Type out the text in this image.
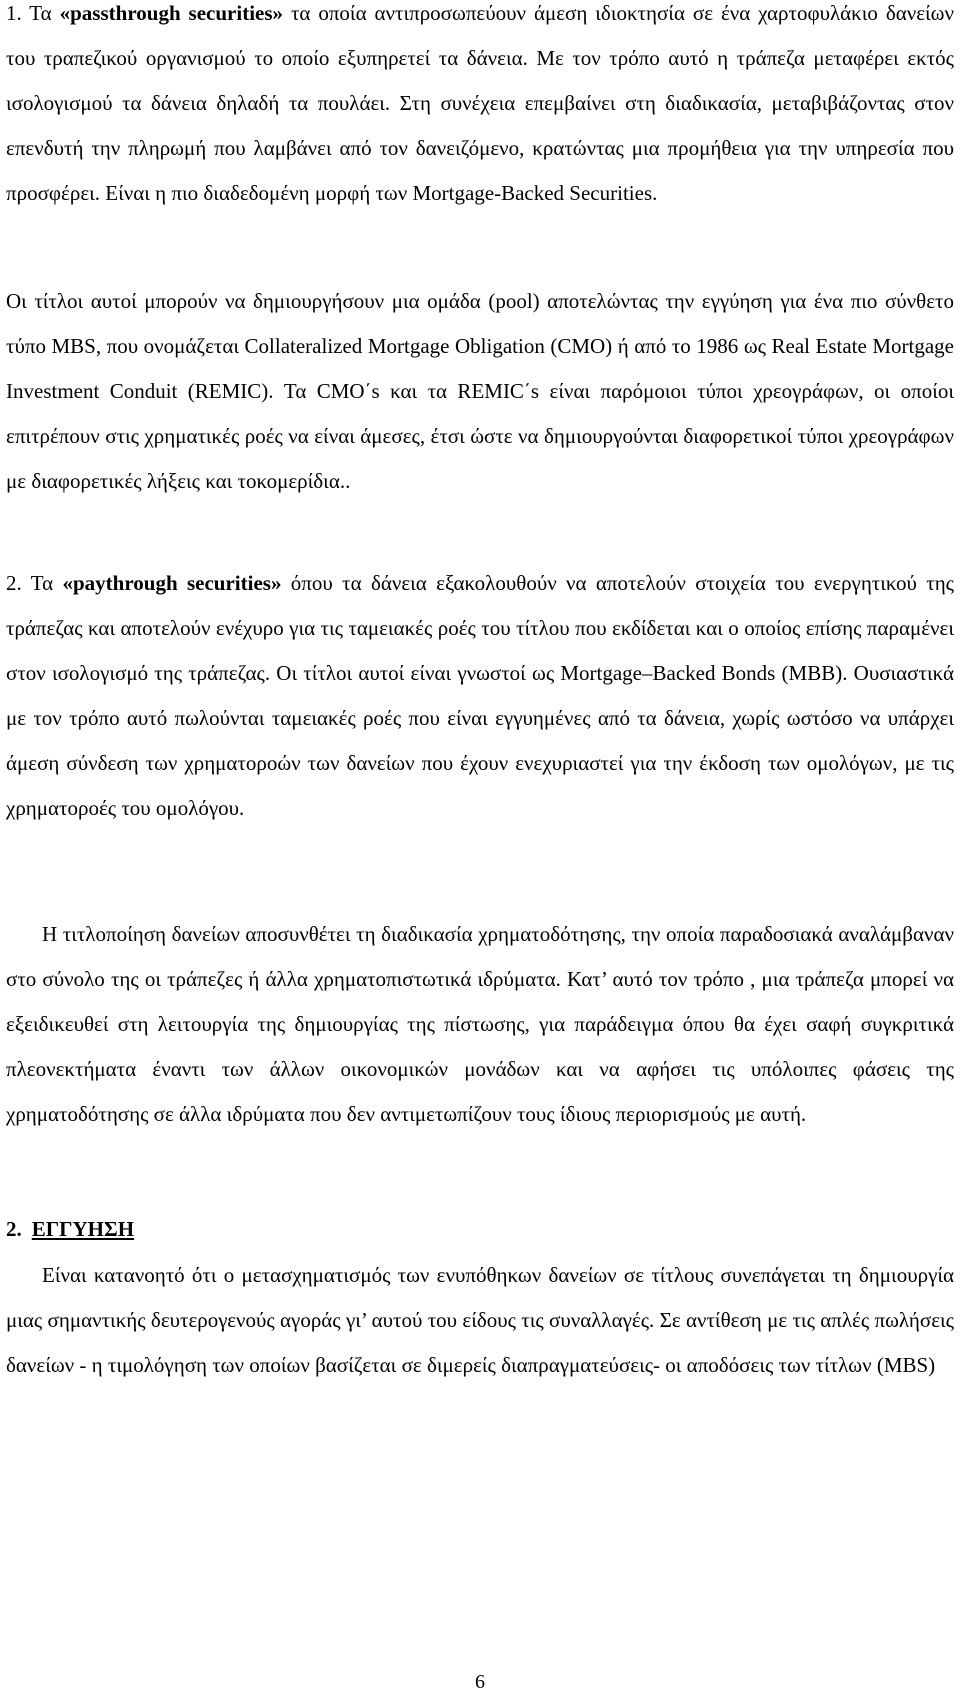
1. Τα «passthrough securities» τα οποία αντιπροσωπεύουν άμεση ιδιοκτησία σε ένα χαρτοφυλάκιο δανείων του τραπεζικού οργανισμού το οποίο εξυπηρετεί τα δάνεια. Με τον τρόπο αυτό η τράπεζα μεταφέρει εκτός ισολογισμού τα δάνεια δηλαδή τα πουλάει. Στη συνέχεια επεμβαίνει στη διαδικασία, μεταβιβάζοντας στον επενδυτή την πληρωμή που λαμβάνει από τον δανειζόμενο, κρατώντας μια προμήθεια για την υπηρεσία που προσφέρει. Είναι η πιο διαδεδομένη μορφή των Mortgage-Backed Securities.

Οι τίτλοι αυτοί μπορούν να δημιουργήσουν μια ομάδα (pool) αποτελώντας την εγγύηση για ένα πιο σύνθετο τύπο MBS, που ονομάζεται Collateralized Mortgage Obligation (CMO) ή από το 1986 ως Real Estate Mortgage Investment Conduit (REMIC). Τα CMO΄s και τα REMIC΄s είναι παρόμοιοι τύποι χρεογράφων, οι οποίοι επιτρέπουν στις χρηματικές ροές να είναι άμεσες, έτσι ώστε να δημιουργούνται διαφορετικοί τύποι χρεογράφων με διαφορετικές λήξεις και τοκομερίδια..

2. Τα «paythrough securities» όπου τα δάνεια εξακολουθούν να αποτελούν στοιχεία του ενεργητικού της τράπεζας και αποτελούν ενέχυρο για τις ταμειακές ροές του τίτλου που εκδίδεται και ο οποίος επίσης παραμένει στον ισολογισμό της τράπεζας. Οι τίτλοι αυτοί είναι γνωστοί ως Mortgage–Backed Bonds (MBB). Ουσιαστικά με τον τρόπο αυτό πωλούνται ταμειακές ροές που είναι εγγυημένες από τα δάνεια, χωρίς ωστόσο να υπάρχει άμεση σύνδεση των χρηματοροών των δανείων που έχουν ενεχυριαστεί για την έκδοση των ομολόγων, με τις χρηματορoές του ομολόγου.

Η τιτλοποίηση δανείων αποσυνθέτει τη διαδικασία χρηματοδότησης, την οποία παραδοσιακά αναλάμβαναν στο σύνολο της οι τράπεζες ή άλλα χρηματοπιστωτικά ιδρύματα. Κατ’ αυτό τον τρόπο , μια τράπεζα μπορεί να εξειδικευθεί στη λειτουργία της δημιουργίας της πίστωσης, για παράδειγμα όπου θα έχει σαφή συγκριτικά πλεονεκτήματα έναντι των άλλων οικονομικών μονάδων και να αφήσει τις υπόλοιπες φάσεις της χρηματοδότησης σε άλλα ιδρύματα που δεν αντιμετωπίζουν τους ίδιους περιορισμούς με αυτή.

2. ΕΓΓΥΗΣΗ

Είναι κατανοητό ότι ο μετασχηματισμός των ενυπόθηκων δανείων σε τίτλους συνεπάγεται τη δημιουργία μιας σημαντικής δευτερογενούς αγοράς γι’ αυτού του είδους τις συναλλαγές. Σε αντίθεση με τις απλές πωλήσεις δανείων - η τιμολόγηση των οποίων βασίζεται σε διμερείς διαπραγματεύσεις- οι αποδόσεις των τίτλων (MBS)

6
